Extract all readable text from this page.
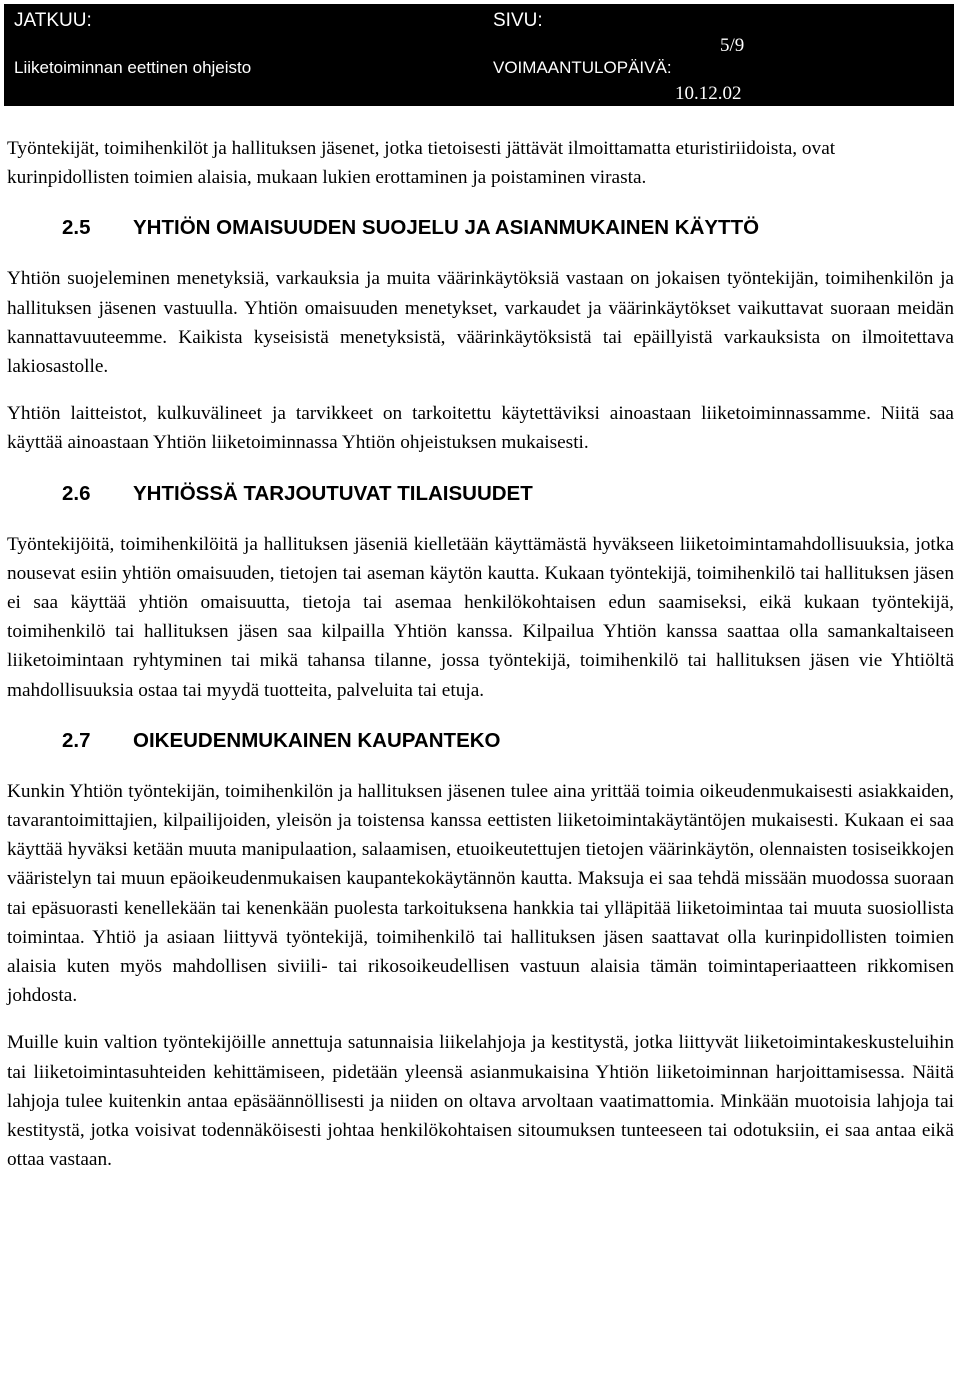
JATKUU:
Liiketoiminnan eettinen ohjeisto
SIVU:
5/9
VOIMAANTULOPÄIVÄ:
10.12.02

Työntekijät, toimihenkilöt ja hallituksen jäsenet, jotka tietoisesti jättävät ilmoittamatta eturistiriidoista, ovat kurinpidollisten toimien alaisia, mukaan lukien erottaminen ja poistaminen virasta.

2.5	YHTIÖN OMAISUUDEN SUOJELU JA ASIANMUKAINEN KÄYTTÖ

Yhtiön suojeleminen menetyksiä, varkauksia ja muita väärinkäytöksiä vastaan on jokaisen työntekijän, toimihenkilön ja hallituksen jäsenen vastuulla. Yhtiön omaisuuden menetykset, varkaudet ja väärinkäytökset vaikuttavat suoraan meidän kannattavuuteemme. Kaikista kyseisistä menetyksistä, väärinkäytöksistä tai epäillyistä varkauksista on ilmoitettava lakiosastolle.

Yhtiön laitteistot, kulkuvälineet ja tarvikkeet on tarkoitettu käytettäviksi ainoastaan liiketoiminnassamme. Niitä saa käyttää ainoastaan Yhtiön liiketoiminnassa Yhtiön ohjeistuksen mukaisesti.

2.6	YHTIÖSSÄ TARJOUTUVAT TILAISUUDET

Työntekijöitä, toimihenkilöitä ja hallituksen jäseniä kielletään käyttämästä hyväkseen liiketoimintamahdollisuuksia, jotka nousevat esiin yhtiön omaisuuden, tietojen tai aseman käytön kautta. Kukaan työntekijä, toimihenkilö tai hallituksen jäsen ei saa käyttää yhtiön omaisuutta, tietoja tai asemaa henkilökohtaisen edun saamiseksi, eikä kukaan työntekijä, toimihenkilö tai hallituksen jäsen saa kilpailla Yhtiön kanssa. Kilpailua Yhtiön kanssa saattaa olla samankaltaiseen liiketoimintaan ryhtyminen tai mikä tahansa tilanne, jossa työntekijä, toimihenkilö tai hallituksen jäsen vie Yhtiöltä mahdollisuuksia ostaa tai myydä tuotteita, palveluita tai etuja.

2.7	OIKEUDENMUKAINEN KAUPANTEKO

Kunkin Yhtiön työntekijän, toimihenkilön ja hallituksen jäsenen tulee aina yrittää toimia oikeudenmukaisesti asiakkaiden, tavarantoimittajien, kilpailijoiden, yleisön ja toistensa kanssa eettisten liiketoimintakäytäntöjen mukaisesti. Kukaan ei saa käyttää hyväksi ketään muuta manipulaation, salaamisen, etuoikeutettujen tietojen väärinkäytön, olennaisten tosiseikkojen vääristelyn tai muun epäoikeudenmukaisen kaupantekokäytännön kautta. Maksuja ei saa tehdä missään muodossa suoraan tai epäsuorasti kenellekään tai kenenkään puolesta tarkoituksena hankkia tai ylläpitää liiketoimintaa tai muuta suosiollista toimintaa. Yhtiö ja asiaan liittyvä työntekijä, toimihenkilö tai hallituksen jäsen saattavat olla kurinpidollisten toimien alaisia kuten myös mahdollisen siviili- tai rikosoikeudellisen vastuun alaisia tämän toimintaperiaatteen rikkomisen johdosta.

Muille kuin valtion työntekijöille annettuja satunnaisia liikelahjoja ja kestitystä, jotka liittyvät liiketoimintakeskusteluihin tai liiketoimintasuhteiden kehittämiseen, pidetään yleensä asianmukaisina Yhtiön liiketoiminnan harjoittamisessa. Näitä lahjoja tulee kuitenkin antaa epäsäännöllisesti ja niiden on oltava arvoltaan vaatimattomia. Minkään muotoisia lahjoja tai kestitystä, jotka voisivat todennäköisesti johtaa henkilökohtaisen sitoumuksen tunteeseen tai odotuksiin, ei saa antaa eikä ottaa vastaan.
